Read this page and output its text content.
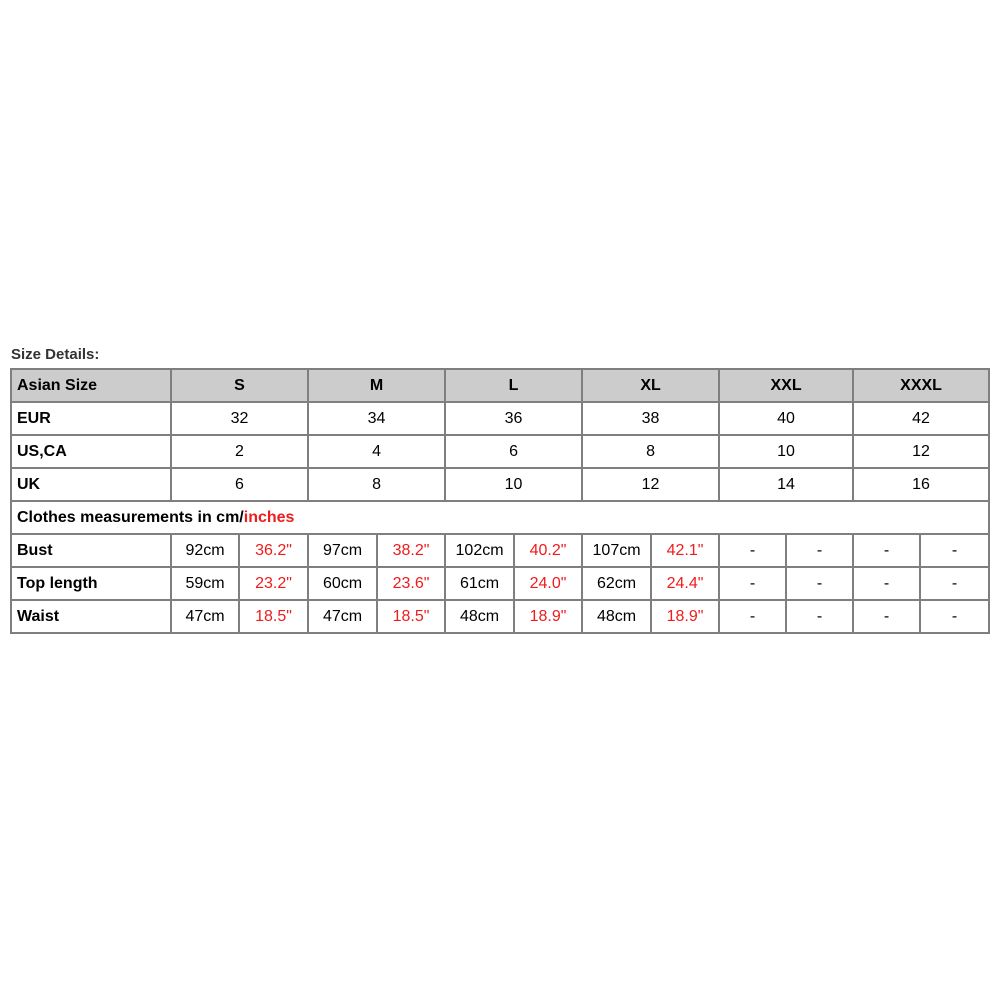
Size Details:

Asian Size	S		M		L		XL		XXL		XXXL	
EUR	32		34		36		38		40		42	
US,CA	2		4		6		8		10		12	
UK	6		8		10		12		14		16	
Clothes measurements in cm/inches												
Bust	92cm	36.2"	97cm	38.2"	102cm	40.2"	107cm	42.1"	-	-	-	-
Top length	59cm	23.2"	60cm	23.6"	61cm	24.0"	62cm	24.4"	-	-	-	-
Waist	47cm	18.5"	47cm	18.5"	48cm	18.9"	48cm	18.9"	-	-	-	-
